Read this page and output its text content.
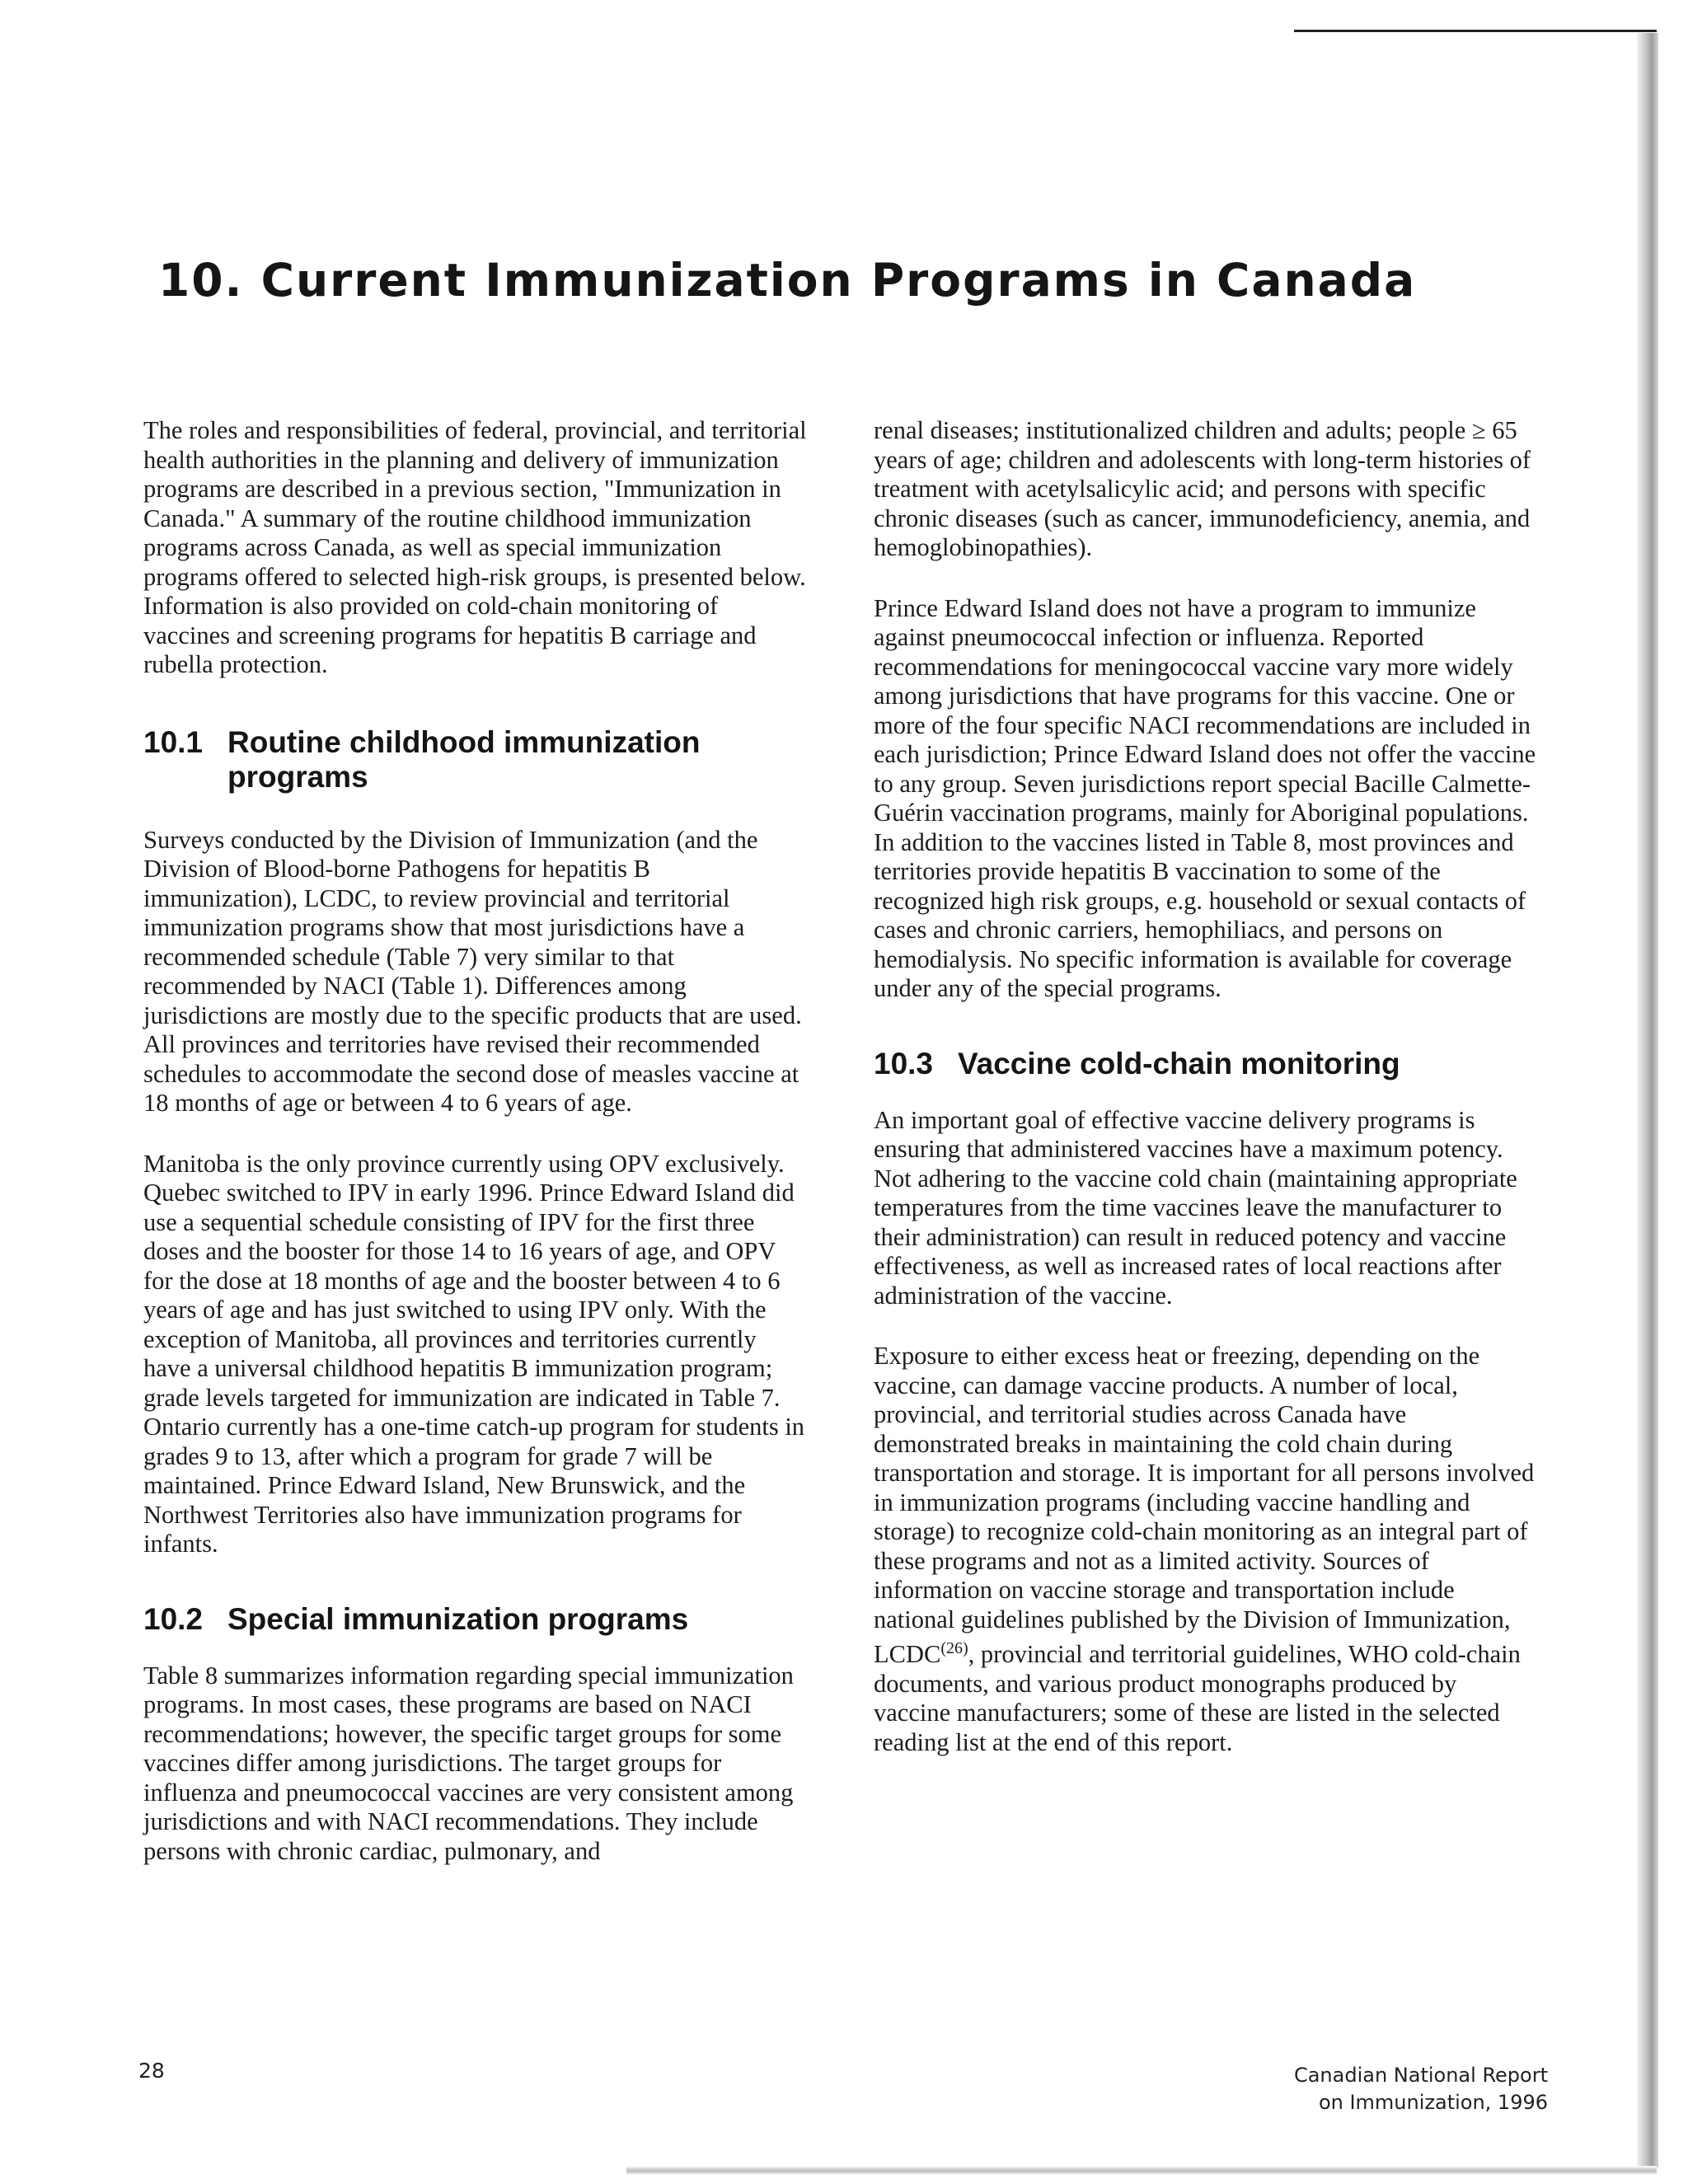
10. Current Immunization Programs in Canada

The roles and responsibilities of federal, provincial, and territorial health authorities in the planning and delivery of immunization programs are described in a previous section, "Immunization in Canada." A summary of the routine childhood immunization programs across Canada, as well as special immunization programs offered to selected high-risk groups, is presented below. Information is also provided on cold-chain monitoring of vaccines and screening programs for hepatitis B carriage and rubella protection.

10.1 Routine childhood immunization
programs

Surveys conducted by the Division of Immunization (and the Division of Blood-borne Pathogens for hepatitis B immunization), LCDC, to review provincial and territorial immunization programs show that most jurisdictions have a recommended schedule (Table 7) very similar to that recommended by NACI (Table 1). Differences among jurisdictions are mostly due to the specific products that are used. All provinces and territories have revised their recommended schedules to accommodate the second dose of measles vaccine at 18 months of age or between 4 to 6 years of age.

Manitoba is the only province currently using OPV exclusively. Quebec switched to IPV in early 1996. Prince Edward Island did use a sequential schedule consisting of IPV for the first three doses and the booster for those 14 to 16 years of age, and OPV for the dose at 18 months of age and the booster between 4 to 6 years of age and has just switched to using IPV only. With the exception of Manitoba, all provinces and territories currently have a universal childhood hepatitis B immunization program; grade levels targeted for immunization are indicated in Table 7. Ontario currently has a one-time catch-up program for students in grades 9 to 13, after which a program for grade 7 will be maintained. Prince Edward Island, New Brunswick, and the Northwest Territories also have immunization programs for infants.

10.2 Special immunization programs

Table 8 summarizes information regarding special immunization programs. In most cases, these programs are based on NACI recommendations; however, the specific target groups for some vaccines differ among jurisdictions. The target groups for influenza and pneumococcal vaccines are very consistent among jurisdictions and with NACI recommendations. They include persons with chronic cardiac, pulmonary, and

renal diseases; institutionalized children and adults; people ≥ 65 years of age; children and adolescents with long-term histories of treatment with acetylsalicylic acid; and persons with specific chronic diseases (such as cancer, immunodeficiency, anemia, and hemoglobinopathies).

Prince Edward Island does not have a program to immunize against pneumococcal infection or influenza. Reported recommendations for meningococcal vaccine vary more widely among jurisdictions that have programs for this vaccine. One or more of the four specific NACI recommendations are included in each jurisdiction; Prince Edward Island does not offer the vaccine to any group. Seven jurisdictions report special Bacille Calmette-Guérin vaccination programs, mainly for Aboriginal populations. In addition to the vaccines listed in Table 8, most provinces and territories provide hepatitis B vaccination to some of the recognized high risk groups, e.g. household or sexual contacts of cases and chronic carriers, hemophiliacs, and persons on hemodialysis. No specific information is available for coverage under any of the special programs.

10.3 Vaccine cold-chain monitoring

An important goal of effective vaccine delivery programs is ensuring that administered vaccines have a maximum potency. Not adhering to the vaccine cold chain (maintaining appropriate temperatures from the time vaccines leave the manufacturer to their administration) can result in reduced potency and vaccine effectiveness, as well as increased rates of local reactions after administration of the vaccine.

Exposure to either excess heat or freezing, depending on the vaccine, can damage vaccine products. A number of local, provincial, and territorial studies across Canada have demonstrated breaks in maintaining the cold chain during transportation and storage. It is important for all persons involved in immunization programs (including vaccine handling and storage) to recognize cold-chain monitoring as an integral part of these programs and not as a limited activity. Sources of information on vaccine storage and transportation include national guidelines published by the Division of Immunization, LCDC$^{(26)}$, provincial and territorial guidelines, WHO cold-chain documents, and various product monographs produced by vaccine manufacturers; some of these are listed in the selected reading list at the end of this report.

28	Canadian National Report
on Immunization, 1996
